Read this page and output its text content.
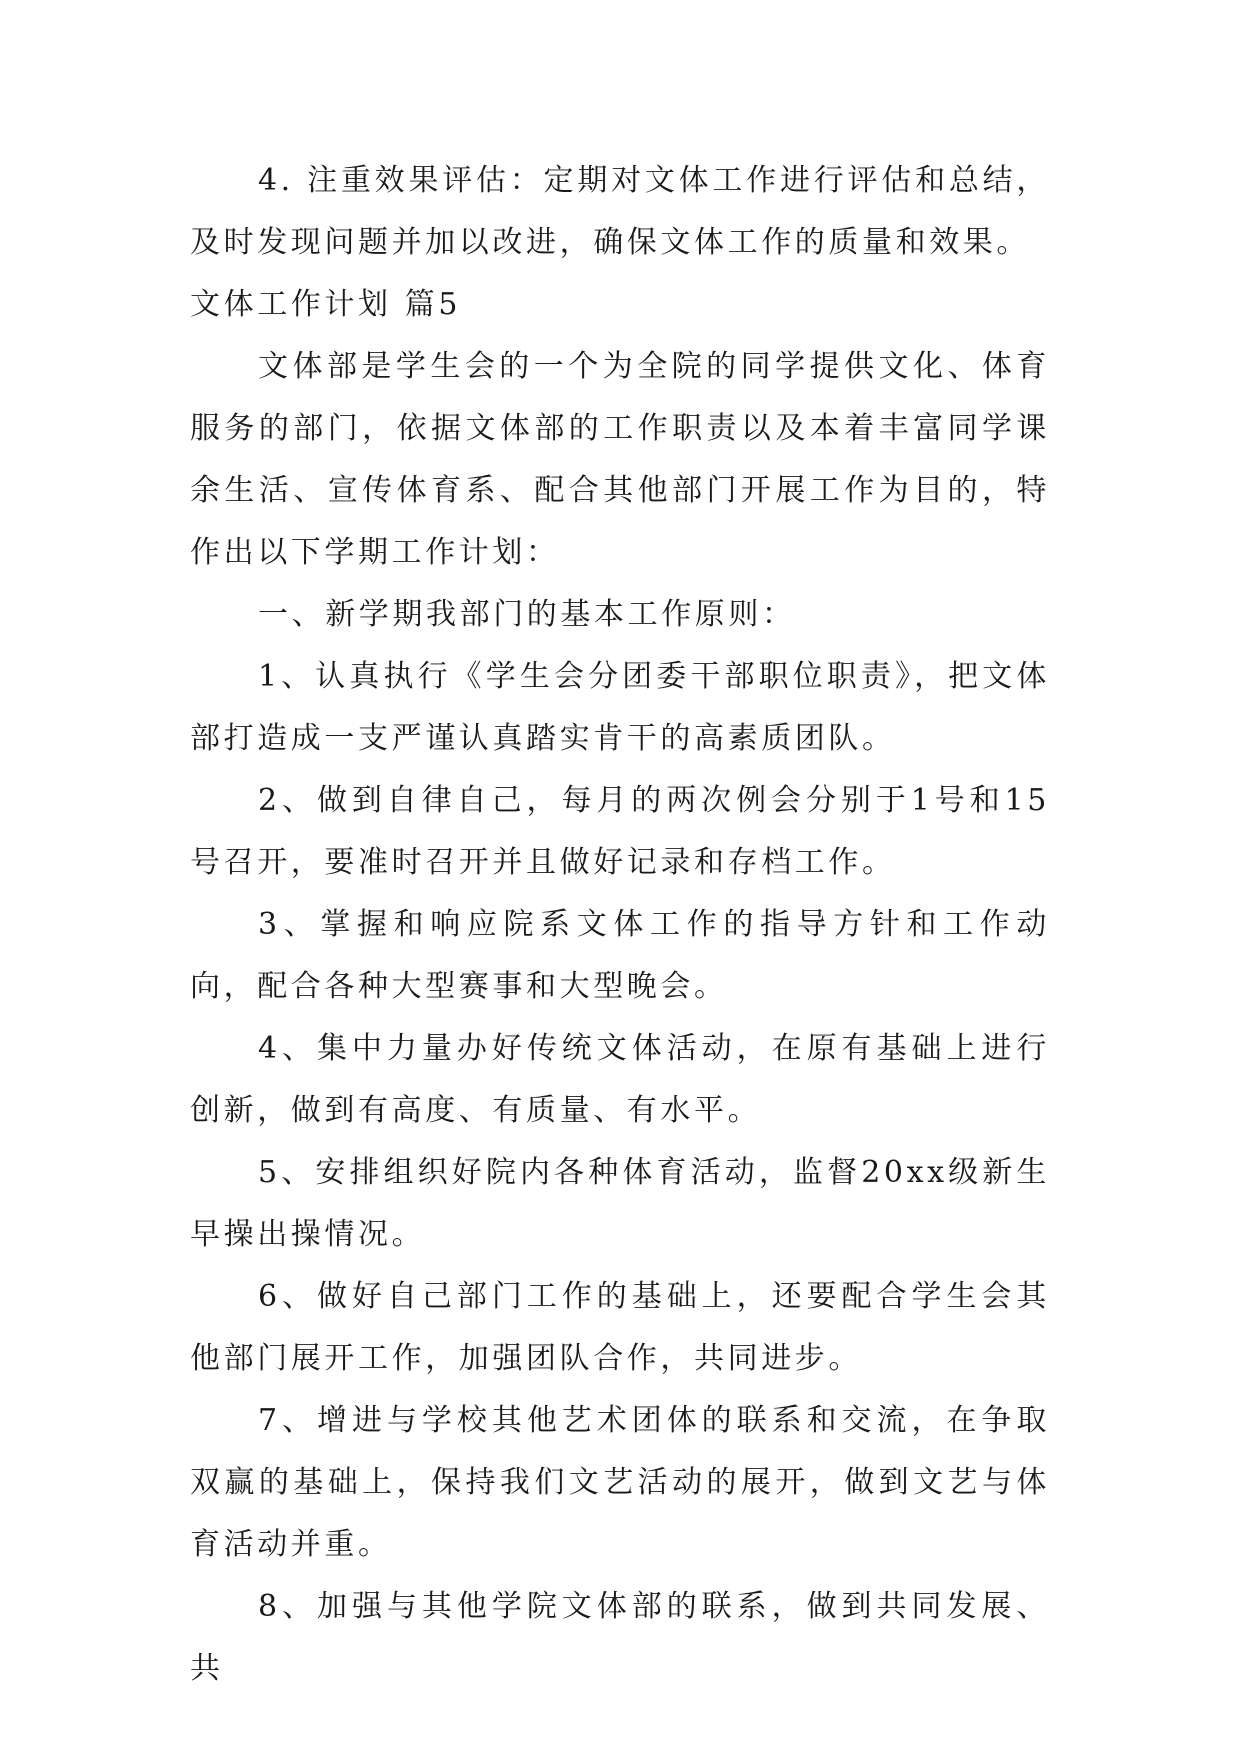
4. 注重效果评估：定期对文体工作进行评估和总结，及时发现问题并加以改进，确保文体工作的质量和效果。

文体工作计划 篇5

文体部是学生会的一个为全院的同学提供文化、体育服务的部门，依据文体部的工作职责以及本着丰富同学课余生活、宣传体育系、配合其他部门开展工作为目的，特作出以下学期工作计划：

一、新学期我部门的基本工作原则：

1、认真执行《学生会分团委干部职位职责》，把文体部打造成一支严谨认真踏实肯干的高素质团队。

2、做到自律自己，每月的两次例会分别于1号和15号召开，要准时召开并且做好记录和存档工作。

3、掌握和响应院系文体工作的指导方针和工作动向，配合各种大型赛事和大型晚会。

4、集中力量办好传统文体活动，在原有基础上进行创新，做到有高度、有质量、有水平。

5、安排组织好院内各种体育活动，监督20xx级新生早操出操情况。

6、做好自己部门工作的基础上，还要配合学生会其他部门展开工作，加强团队合作，共同进步。

7、增进与学校其他艺术团体的联系和交流，在争取双赢的基础上，保持我们文艺活动的展开，做到文艺与体育活动并重。

8、加强与其他学院文体部的联系，做到共同发展、共
